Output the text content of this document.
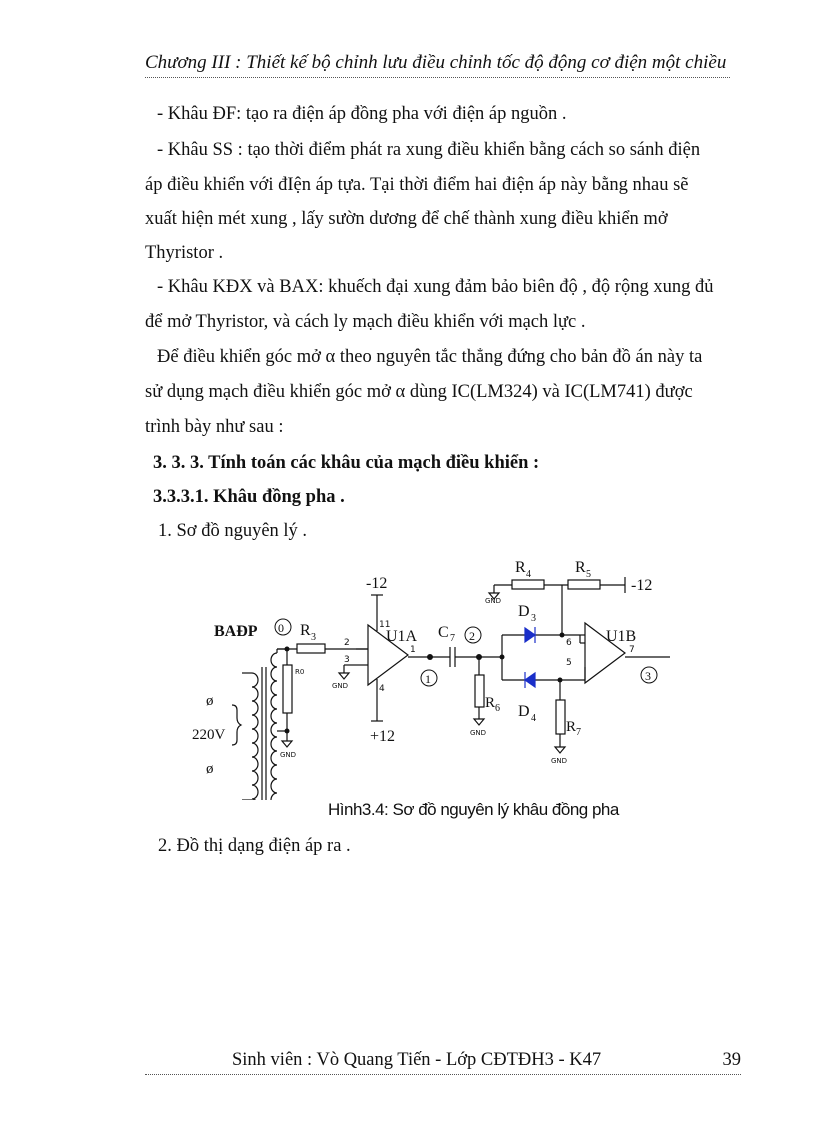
Chương III : Thiết kế bộ chỉnh lưu điều chỉnh tốc độ động cơ điện một chiều
- Khâu ĐF: tạo ra điện áp đồng pha với điện áp nguồn .
- Khâu SS : tạo thời điểm phát ra xung điều khiển bằng cách so sánh điện
áp điều khiển với đIện áp tựa. Tại thời điểm hai điện áp này bằng nhau sẽ
xuất hiện mét xung , lấy sườn dương để chế thành xung điều khiển mở
Thyristor .
- Khâu KĐX và BAX: khuếch đại xung đảm bảo biên độ , độ rộng xung đủ
để mở Thyristor, và cách ly mạch điều khiển với mạch lực .
Để điều khiển góc mở α theo nguyên tắc thẳng đứng cho bản đồ án này ta
sử dụng mạch điều khiển góc mở α dùng IC(LM324) và IC(LM741) được
trình bày như sau :
3. 3. 3. Tính toán các khâu của mạch điều khiển :
3.3.3.1. Khâu đồng pha .
1. Sơ đồ nguyên lý .
BAĐP 0
1
2
3
R 3
R 4	R 5
R 6
R 7
R0
C 7
D 3
D 4
U1A	U1B
-12
+12
-12
220V
ø
ø
GND
GND
GND
GND
GND
2
3
1
11
4
6
5
7
Hình3.4: Sơ đồ nguyên lý khâu đồng pha
2. Đồ thị dạng điện áp ra .
Sinh viên : Vò Quang Tiến - Lớp CĐTĐH3 - K47	39
